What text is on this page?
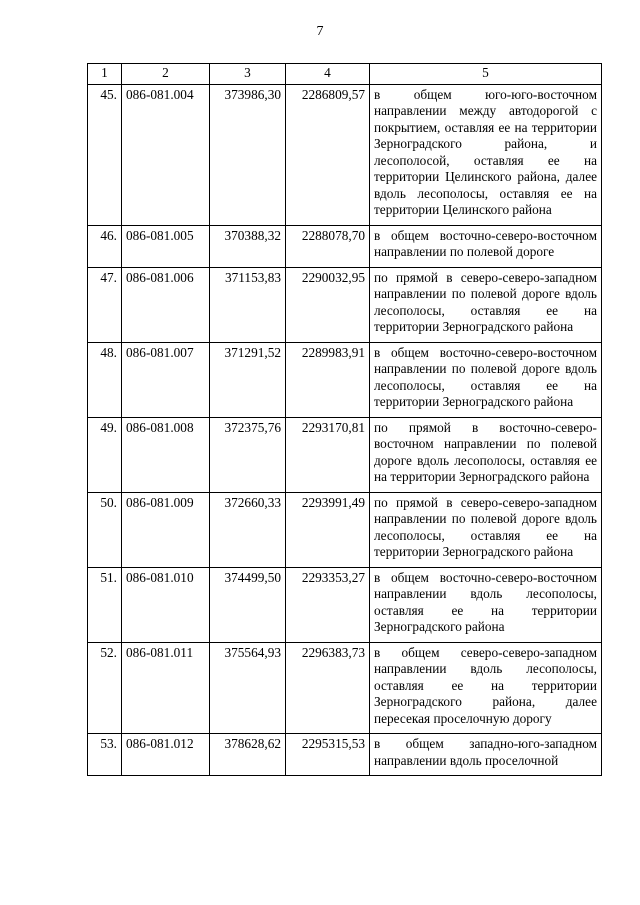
7
1	2	3	4	5
45.	086-081.004	373986,30	2286809,57	в общем юго-юго-восточном направлении между автодорогой с покрытием, оставляя ее на территории Зерноградского района, и лесополосой, оставляя ее на территории Целинского района, далее вдоль лесополосы, оставляя ее на территории Целинского района
46.	086-081.005	370388,32	2288078,70	в общем восточно-северо-восточном направлении по полевой дороге
47.	086-081.006	371153,83	2290032,95	по прямой в северо-северо-западном направлении по полевой дороге вдоль лесополосы, оставляя ее на территории Зерноградского района
48.	086-081.007	371291,52	2289983,91	в общем восточно-северо-восточном направлении по полевой дороге вдоль лесополосы, оставляя ее на территории Зерноградского района
49.	086-081.008	372375,76	2293170,81	по прямой в восточно-северо-восточном направлении по полевой дороге вдоль лесополосы, оставляя ее на территории Зерноградского района
50.	086-081.009	372660,33	2293991,49	по прямой в северо-северо-западном направлении по полевой дороге вдоль лесополосы, оставляя ее на территории Зерноградского района
51.	086-081.010	374499,50	2293353,27	в общем восточно-северо-восточном направлении вдоль лесополосы, оставляя ее на территории Зерноградского района
52.	086-081.011	375564,93	2296383,73	в общем северо-северо-западном направлении вдоль лесополосы, оставляя ее на территории Зерноградского района, далее пересекая проселочную дорогу
53.	086-081.012	378628,62	2295315,53	в общем западно-юго-западном направлении вдоль проселочной
